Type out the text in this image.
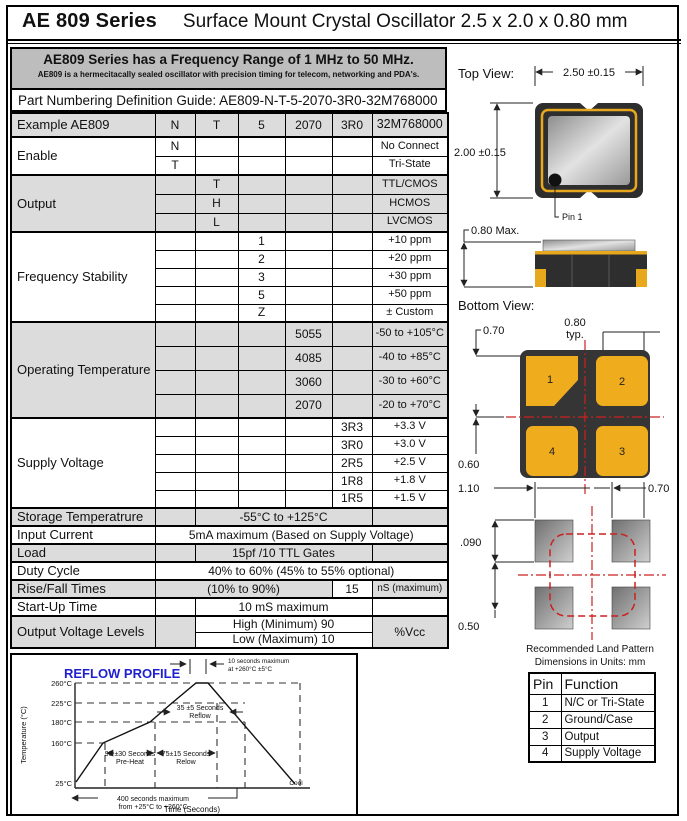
AE 809 Series Surface Mount Crystal Oscillator 2.5 x 2.0 x 0.80 mm
AE809 Series has a Frequency Range of 1 MHz to 50 MHz.
AE809 is a hermecitacally sealed oscillator with precision timing for telecom, networking and PDA's.
Part Numbering Definition Guide: AE809-N-T-5-2070-3R0-32M768000
Example AE809	N	T	5	2070	3R0	32M768000
Enable	N					No Connect
	T					Tri-State
Output		T				TTL/CMOS
		H				HCMOS
		L				LVCMOS
Frequency Stability			1			+10 ppm
			2			+20 ppm
			3			+30 ppm
			5			+50 ppm
			Z			± Custom
Operating Temperature				5055		-50 to +105°C
				4085		-40 to +85°C
				3060		-30 to +60°C
				2070		-20 to +70°C
Supply Voltage					3R3	+3.3 V
					3R0	+3.0 V
					2R5	+2.5 V
					1R8	+1.8 V
					1R5	+1.5 V
Storage Temperatrure		-55°C to +125°C				
Input Current	5mA maximum (Based on Supply Voltage)					
Load		15pf /10 TTL Gates				
Duty Cycle	40% to 60% (45% to 55% optional)					
Rise/Fall Times	(10% to 90%)				15	nS (maximum)
Start-Up Time		10 mS maximum				
Output Voltage Levels		High (Minimum) 90				%Vcc
		Low (Maximum) 10				
REFLOW PROFILE
260°C
225°C
180°C
160°C
25°C
10 seconds maximum
at +260°C ±5°C
35 ±5 Seconds
Reflow
90 ±30 Seconds
Pre-Heat
75±15 Seconds
Relow
400 seconds maximum
from +25°C to +260°C
Cool
Time (Seconds)
Temperature (°C)
Top View:	2.50 ±0.15
2.00 ±0.15
Pin 1
0.80 Max.
Bottom View:
0.80
typ.
0.70
0.60
1	2
4	3
1.10	0.70
.090
0.50
Recommended Land Pattern
Dimensions in Units: mm
Pin	Function
1	N/C or Tri-State
2	Ground/Case
3	Output
4	Supply Voltage
